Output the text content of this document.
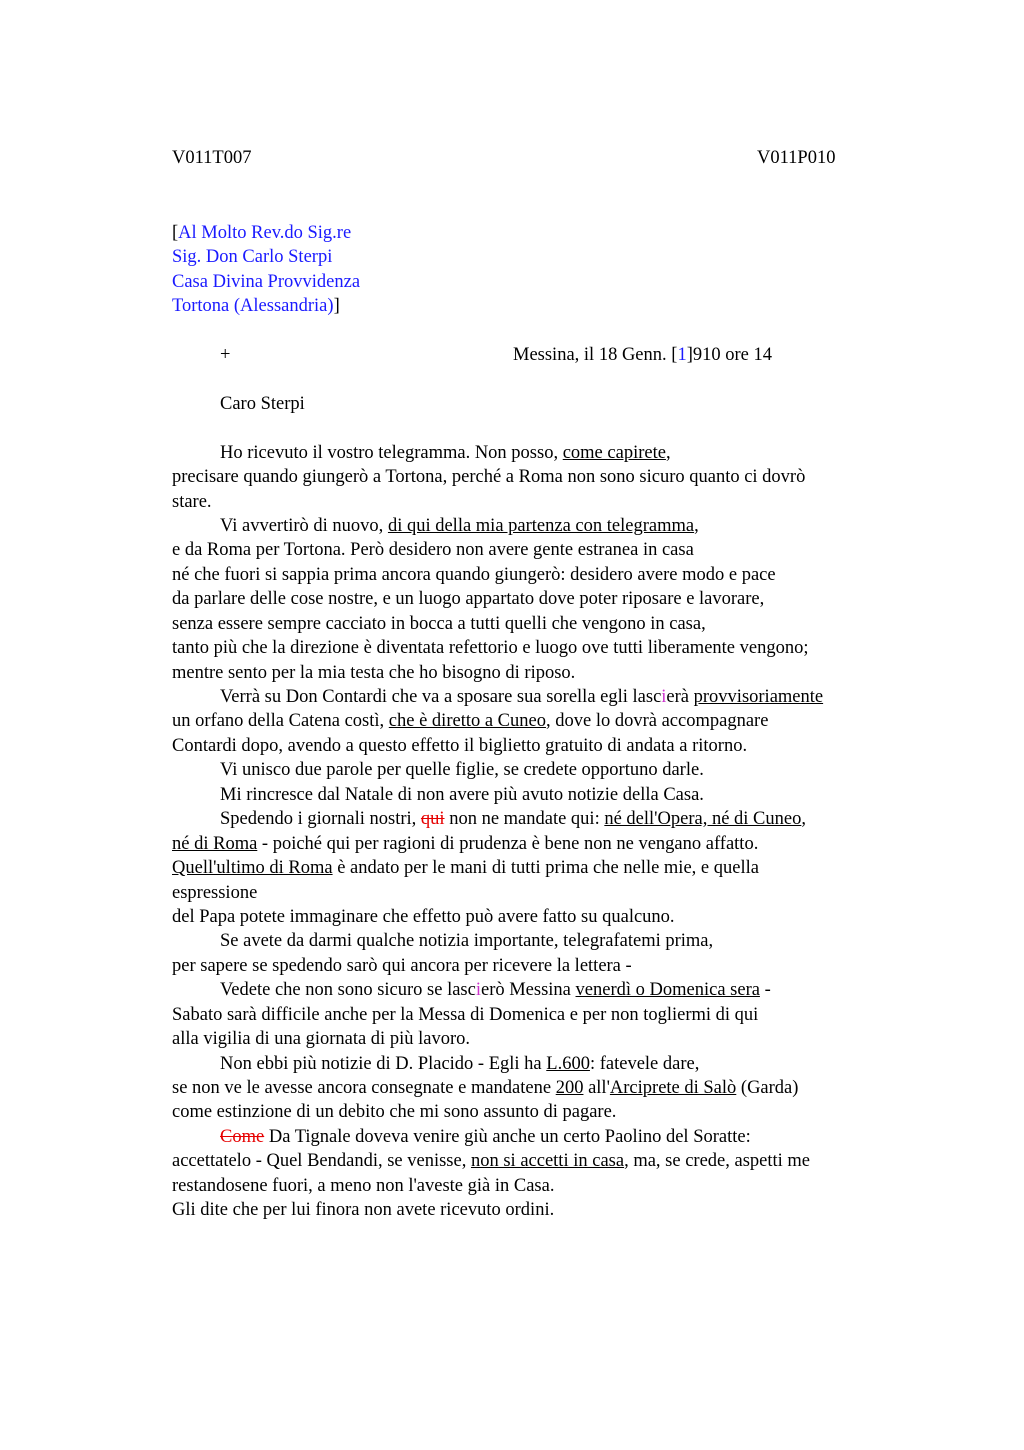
V011T007	V011P010
[Al Molto Rev.do Sig.re
Sig. Don Carlo Sterpi
Casa Divina Provvidenza
Tortona (Alessandria)]
+	Messina, il 18 Genn. [1]910 ore 14
Caro Sterpi
Ho ricevuto il vostro telegramma. Non posso, come capirete,
precisare quando giungerò a Tortona, perché a Roma non sono sicuro quanto ci dovrò
stare.
Vi avvertirò di nuovo, di qui della mia partenza con telegramma,
e da Roma per Tortona. Però desidero non avere gente estranea in casa
né che fuori si sappia prima ancora quando giungerò: desidero avere modo e pace
da parlare delle cose nostre, e un luogo appartato dove poter riposare e lavorare,
senza essere sempre cacciato in bocca a tutti quelli che vengono in casa,
tanto più che la direzione è diventata refettorio e luogo ove tutti liberamente vengono;
mentre sento per la mia testa che ho bisogno di riposo.
Verrà su Don Contardi che va a sposare sua sorella egli lascierà provvisoriamente
un orfano della Catena costì, che è diretto a Cuneo, dove lo dovrà accompagnare
Contardi dopo, avendo a questo effetto il biglietto gratuito di andata a ritorno.
Vi unisco due parole per quelle figlie, se credete opportuno darle.
Mi rincresce dal Natale di non avere più avuto notizie della Casa.
Spedendo i giornali nostri, qui non ne mandate qui: né dell'Opera, né di Cuneo,
né di Roma - poiché qui per ragioni di prudenza è bene non ne vengano affatto.
Quell'ultimo di Roma è andato per le mani di tutti prima che nelle mie, e quella
espressione
del Papa potete immaginare che effetto può avere fatto su qualcuno.
Se avete da darmi qualche notizia importante, telegrafatemi prima,
per sapere se spedendo sarò qui ancora per ricevere la lettera -
Vedete che non sono sicuro se lascierò Messina venerdì o Domenica sera -
Sabato sarà difficile anche per la Messa di Domenica e per non togliermi di qui
alla vigilia di una giornata di più lavoro.
Non ebbi più notizie di D. Placido - Egli ha L.600: fatevele dare,
se non ve le avesse ancora consegnate e mandatene 200 all'Arciprete di Salò (Garda)
come estinzione di un debito che mi sono assunto di pagare.
Come Da Tignale doveva venire giù anche un certo Paolino del Soratte:
accettatelo - Quel Bendandi, se venisse, non si accetti in casa, ma, se crede, aspetti me
restandosene fuori, a meno non l'aveste già in Casa.
Gli dite che per lui finora non avete ricevuto ordini.
